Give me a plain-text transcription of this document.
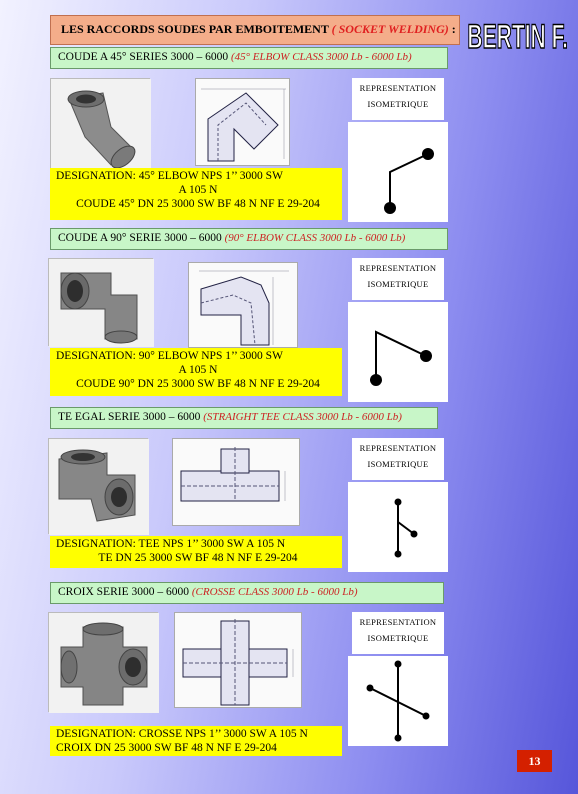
LES RACCORDS SOUDES PAR EMBOITEMENT ( SOCKET WELDING) : BERTIN F.
COUDE A 45° SERIES 3000 – 6000 (45° ELBOW CLASS 3000 Lb - 6000 Lb)
REPRESENTATION
ISOMETRIQUE
DESIGNATION: 45° ELBOW NPS 1’’ 3000 SW
A 105 N
COUDE 45° DN 25 3000 SW BF 48 N NF E 29-204
COUDE A 90° SERIE 3000 – 6000 (90° ELBOW CLASS 3000 Lb - 6000 Lb)
REPRESENTATION
ISOMETRIQUE
DESIGNATION: 90° ELBOW NPS 1’’ 3000 SW
A 105 N
COUDE 90° DN 25 3000 SW BF 48 N NF E 29-204
TE EGAL SERIE 3000 – 6000 (STRAIGHT TEE CLASS 3000 Lb - 6000 Lb)
REPRESENTATION
ISOMETRIQUE
DESIGNATION: TEE NPS 1’’ 3000 SW A 105 N
TE DN 25 3000 SW BF 48 N NF E 29-204
CROIX SERIE 3000 – 6000 (CROSSE CLASS 3000 Lb - 6000 Lb)
REPRESENTATION
ISOMETRIQUE
DESIGNATION: CROSSE NPS 1’’ 3000 SW A 105 N
CROIX DN 25 3000 SW BF 48 N NF E 29-204
13
